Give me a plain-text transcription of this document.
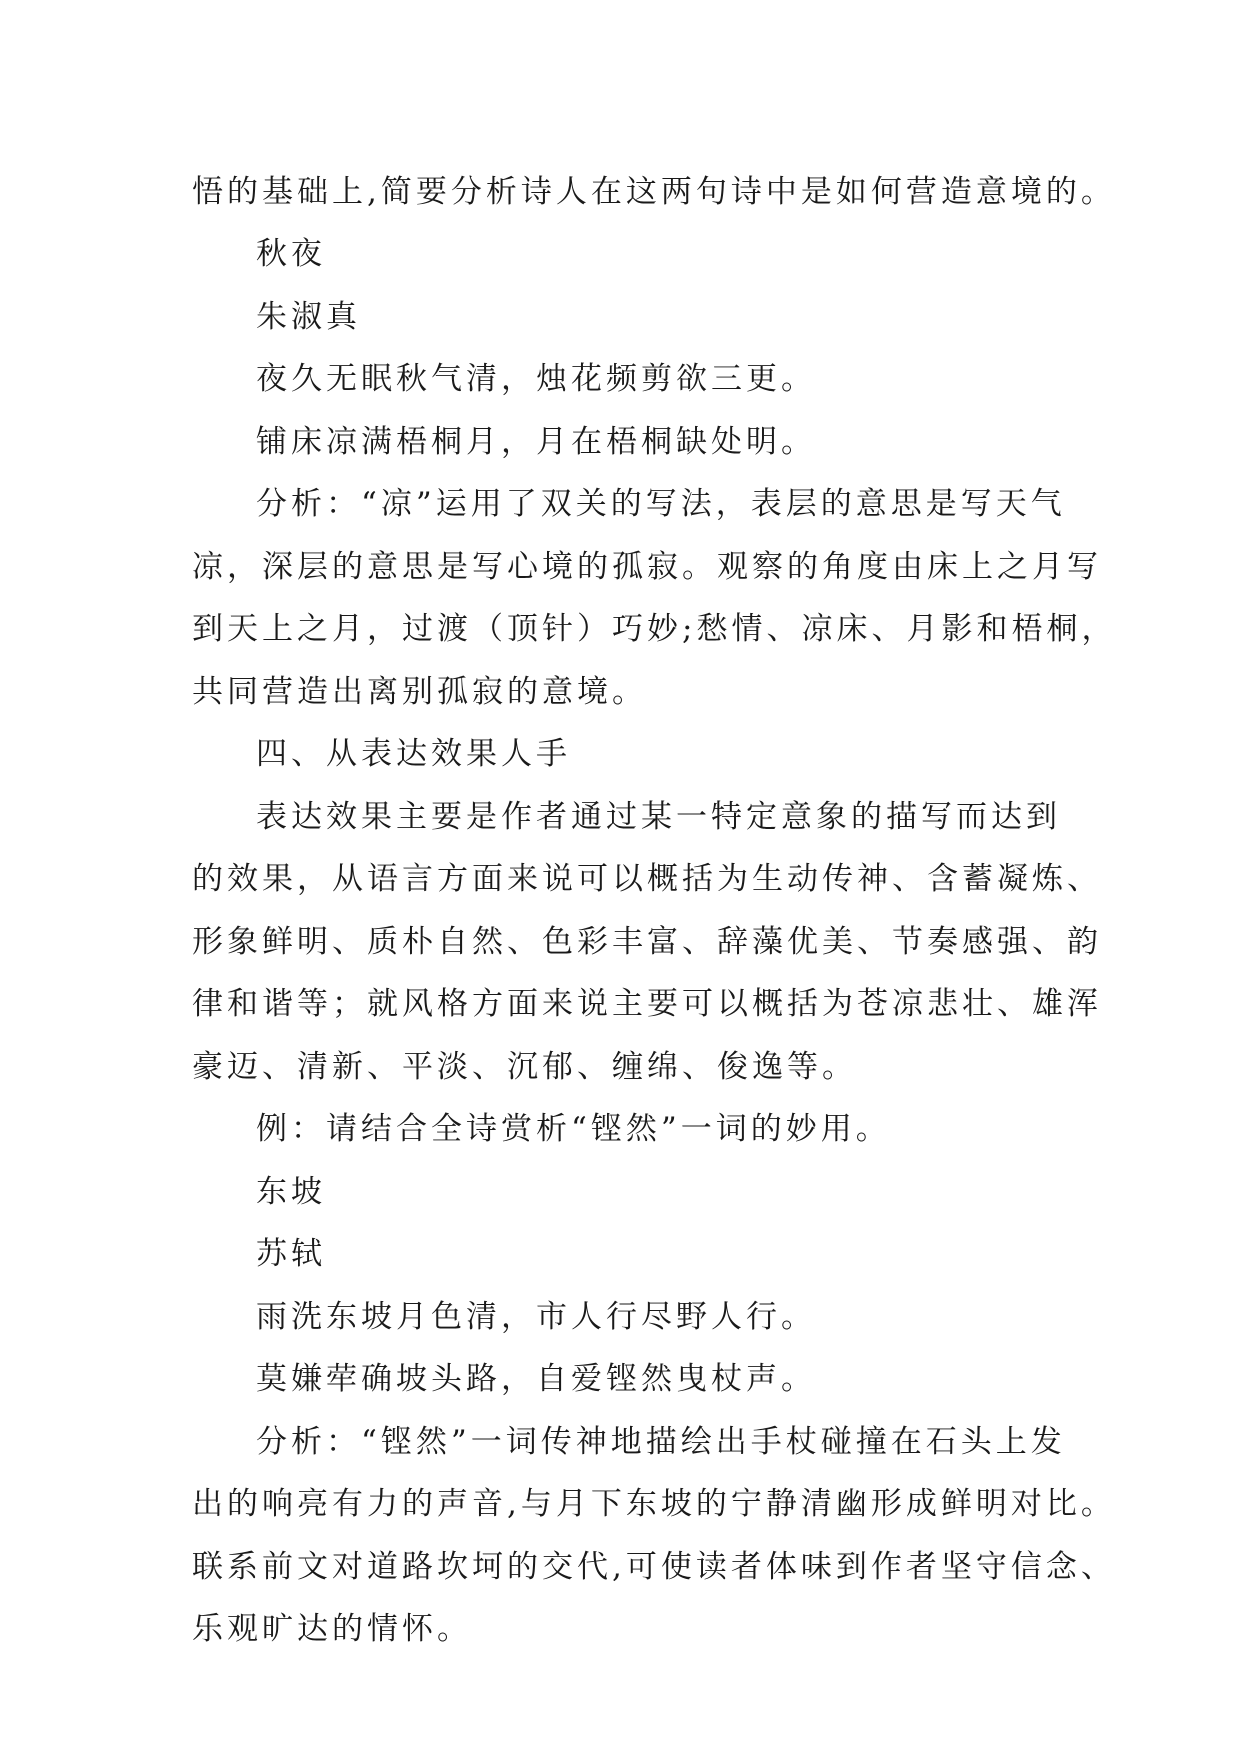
悟的基础上,简要分析诗人在这两句诗中是如何营造意境的。
秋夜
朱淑真
夜久无眠秋气清，烛花频剪欲三更。
铺床凉满梧桐月，月在梧桐缺处明。
分析：“凉”运用了双关的写法，表层的意思是写天气
凉，深层的意思是写心境的孤寂。观察的角度由床上之月写
到天上之月，过渡（顶针）巧妙;愁情、凉床、月影和梧桐，
共同营造出离别孤寂的意境。
四、从表达效果人手
表达效果主要是作者通过某一特定意象的描写而达到
的效果，从语言方面来说可以概括为生动传神、含蓄凝炼、
形象鲜明、质朴自然、色彩丰富、辞藻优美、节奏感强、韵
律和谐等；就风格方面来说主要可以概括为苍凉悲壮、雄浑
豪迈、清新、平淡、沉郁、缠绵、俊逸等。
例：请结合全诗赏析“铿然”一词的妙用。
东坡
苏轼
雨洗东坡月色清，市人行尽野人行。
莫嫌荦确坡头路，自爱铿然曳杖声。
分析：“铿然”一词传神地描绘出手杖碰撞在石头上发
出的响亮有力的声音,与月下东坡的宁静清幽形成鲜明对比。
联系前文对道路坎坷的交代,可使读者体味到作者坚守信念、
乐观旷达的情怀。
